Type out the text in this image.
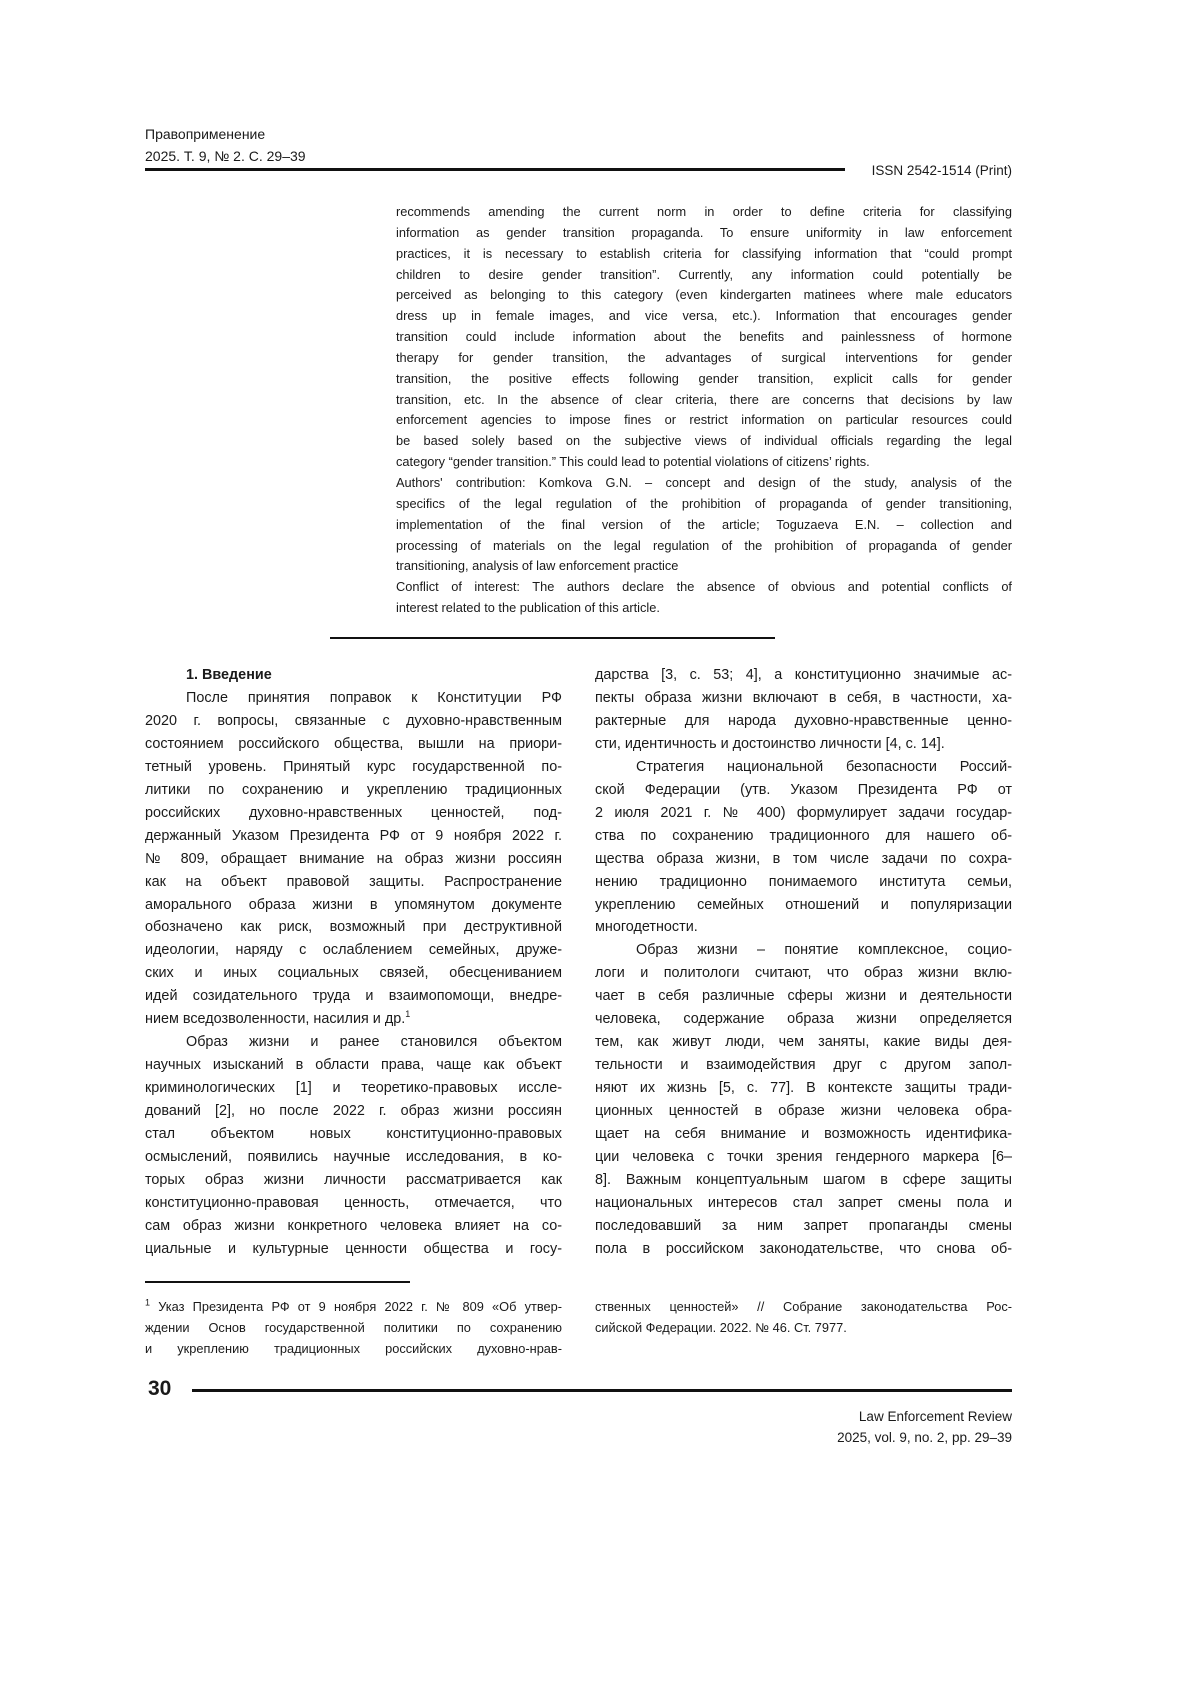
Правоприменение
2025. Т. 9, № 2. С. 29–39
ISSN 2542-1514 (Print)
recommends amending the current norm in order to define criteria for classifying
information as gender transition propaganda. To ensure uniformity in law enforcement
practices, it is necessary to establish criteria for classifying information that “could prompt
children to desire gender transition”. Currently, any information could potentially be
perceived as belonging to this category (even kindergarten matinees where male educators
dress up in female images, and vice versa, etc.). Information that encourages gender
transition could include information about the benefits and painlessness of hormone
therapy for gender transition, the advantages of surgical interventions for gender
transition, the positive effects following gender transition, explicit calls for gender
transition, etc. In the absence of clear criteria, there are concerns that decisions by law
enforcement agencies to impose fines or restrict information on particular resources could
be based solely based on the subjective views of individual officials regarding the legal
category “gender transition.” This could lead to potential violations of citizens’ rights.
Authors' contribution: Komkova G.N. – concept and design of the study, analysis of the
specifics of the legal regulation of the prohibition of propaganda of gender transitioning,
implementation of the final version of the article; Toguzaeva E.N. – collection and
processing of materials on the legal regulation of the prohibition of propaganda of gender
transitioning, analysis of law enforcement practice
Conflict of interest: The authors declare the absence of obvious and potential conflicts of
interest related to the publication of this article.
1. Введение
После принятия поправок к Конституции РФ
2020 г. вопросы, связанные с духовно-нравственным
состоянием российского общества, вышли на приори-
тетный уровень. Принятый курс государственной по-
литики по сохранению и укреплению традиционных
российских духовно-нравственных ценностей, под-
держанный Указом Президента РФ от 9 ноября 2022 г.
№ 809, обращает внимание на образ жизни россиян
как на объект правовой защиты. Распространение
аморального образа жизни в упомянутом документе
обозначено как риск, возможный при деструктивной
идеологии, наряду с ослаблением семейных, друже-
ских и иных социальных связей, обесцениванием
идей созидательного труда и взаимопомощи, внедре-
нием вседозволенности, насилия и др.1
Образ жизни и ранее становился объектом
научных изысканий в области права, чаще как объект
криминологических [1] и теоретико-правовых иссле-
дований [2], но после 2022 г. образ жизни россиян
стал объектом новых конституционно-правовых
осмыслений, появились научные исследования, в ко-
торых образ жизни личности рассматривается как
конституционно-правовая ценность, отмечается, что
сам образ жизни конкретного человека влияет на со-
циальные и культурные ценности общества и госу-
дарства [3, с. 53; 4], а конституционно значимые ас-
пекты образа жизни включают в себя, в частности, ха-
рактерные для народа духовно-нравственные ценно-
сти, идентичность и достоинство личности [4, с. 14].
Стратегия национальной безопасности Россий-
ской Федерации (утв. Указом Президента РФ от
2 июля 2021 г. № 400) формулирует задачи государ-
ства по сохранению традиционного для нашего об-
щества образа жизни, в том числе задачи по сохра-
нению традиционно понимаемого института семьи,
укреплению семейных отношений и популяризации
многодетности.
Образ жизни – понятие комплексное, социо-
логи и политологи считают, что образ жизни вклю-
чает в себя различные сферы жизни и деятельности
человека, содержание образа жизни определяется
тем, как живут люди, чем заняты, какие виды дея-
тельности и взаимодействия друг с другом запол-
няют их жизнь [5, с. 77]. В контексте защиты тради-
ционных ценностей в образе жизни человека обра-
щает на себя внимание и возможность идентифика-
ции человека с точки зрения гендерного маркера [6–
8]. Важным концептуальным шагом в сфере защиты
национальных интересов стал запрет смены пола и
последовавший за ним запрет пропаганды смены
пола в российском законодательстве, что снова об-
1 Указ Президента РФ от 9 ноября 2022 г. № 809 «Об утвер-
ждении Основ государственной политики по сохранению
и укреплению традиционных российских духовно-нрав-
ственных ценностей» // Собрание законодательства Рос-
сийской Федерации. 2022. № 46. Ст. 7977.
30
Law Enforcement Review
2025, vol. 9, no. 2, pp. 29–39
